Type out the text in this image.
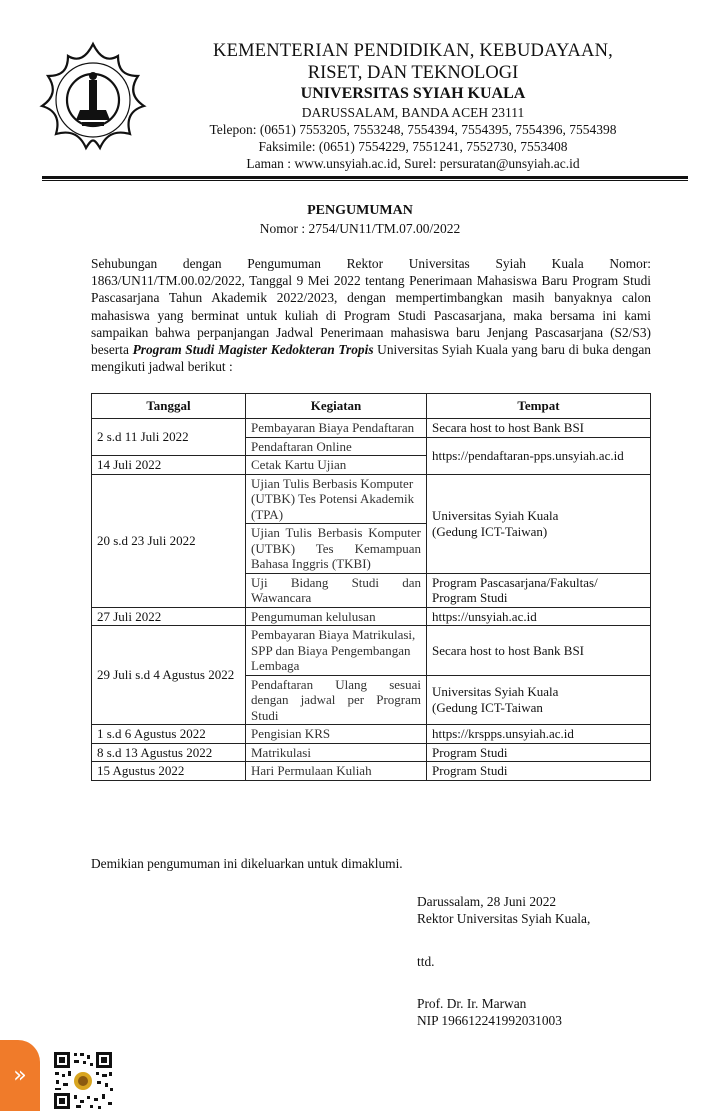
KEMENTERIAN PENDIDIKAN, KEBUDAYAAN,
RISET, DAN TEKNOLOGI
UNIVERSITAS SYIAH KUALA
DARUSSALAM, BANDA ACEH 23111
Telepon: (0651) 7553205, 7553248, 7554394, 7554395, 7554396, 7554398
Faksimile: (0651) 7554229, 7551241, 7552730, 7553408
Laman : www.unsyiah.ac.id, Surel: persuratan@unsyiah.ac.id
PENGUMUMAN
Nomor : 2754/UN11/TM.07.00/2022
Sehubungan dengan Pengumuman Rektor Universitas Syiah Kuala Nomor: 1863/UN11/TM.00.02/2022, Tanggal 9 Mei 2022 tentang Penerimaan Mahasiswa Baru Program Studi Pascasarjana Tahun Akademik 2022/2023, dengan mempertimbangkan masih banyaknya calon mahasiswa yang berminat untuk kuliah di Program Studi Pascasarjana, maka bersama ini kami sampaikan bahwa perpanjangan Jadwal Penerimaan mahasiswa baru Jenjang Pascasarjana (S2/S3) beserta Program Studi Magister Kedokteran Tropis Universitas Syiah Kuala yang baru di buka dengan mengikuti jadwal berikut :
Tanggal	Kegiatan	Tempat
2 s.d 11 Juli 2022	Pembayaran Biaya Pendaftaran	Secara host to host Bank BSI
	Pendaftaran Online	https://pendaftaran-pps.unsyiah.ac.id
14 Juli 2022	Cetak Kartu Ujian	
20 s.d 23 Juli 2022	Ujian Tulis Berbasis Komputer (UTBK) Tes Potensi Akademik (TPA)	Universitas Syiah Kuala
(Gedung ICT-Taiwan)

	Ujian Tulis Berbasis Komputer (UTBK) Tes Kemampuan Bahasa Inggris (TKBI)	
	Uji Bidang Studi dan Wawancara	Program Pascasarjana/Fakultas/
Program Studi

27 Juli 2022	Pengumuman kelulusan	https://unsyiah.ac.id
29 Juli s.d 4 Agustus 2022	Pembayaran Biaya Matrikulasi, SPP dan Biaya Pengembangan Lembaga	Secara host to host Bank BSI
	Pendaftaran Ulang sesuai dengan jadwal per Program Studi	Universitas Syiah Kuala
(Gedung ICT-Taiwan

1 s.d 6 Agustus 2022	Pengisian KRS	https://krspps.unsyiah.ac.id
8 s.d 13 Agustus 2022	Matrikulasi	Program Studi
15 Agustus 2022	Hari Permulaan Kuliah	Program Studi
Demikian pengumuman ini dikeluarkan untuk dimaklumi.
Darussalam, 28 Juni 2022
Rektor Universitas Syiah Kuala,
ttd.
Prof. Dr. Ir. Marwan
NIP 196612241992031003
»
